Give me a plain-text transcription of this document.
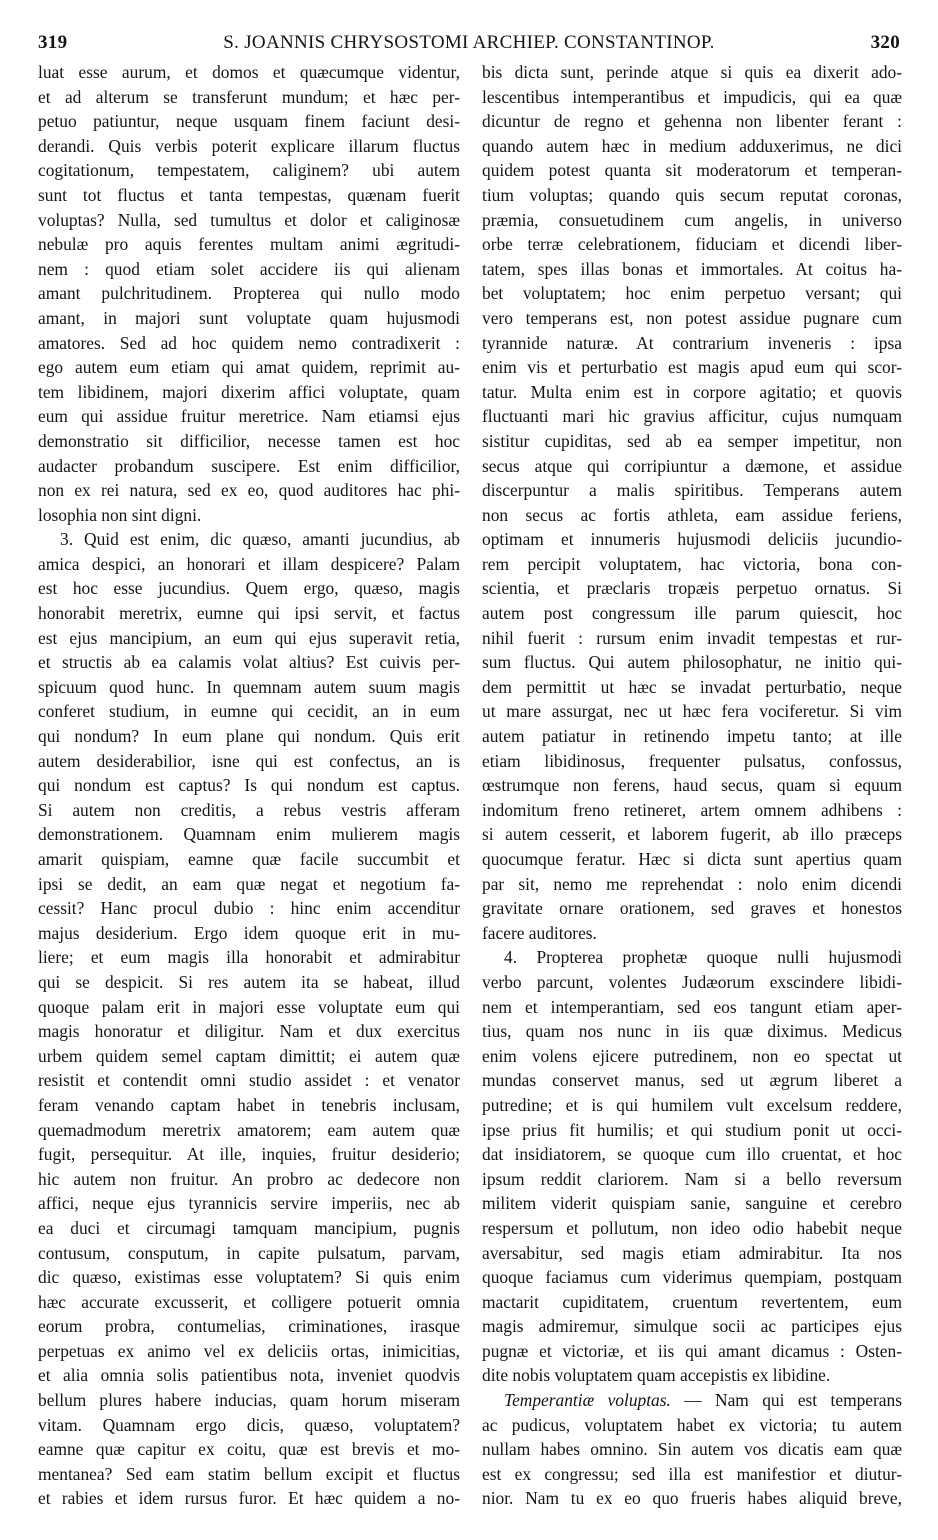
319	S. JOANNIS CHRYSOSTOMI ARCHIEP. CONSTANTINOP.	320
luat esse aurum, et domos et quæcumque videntur,
et ad alterum se transferunt mundum; et hæc per-
petuo patiuntur, neque usquam finem faciunt desi-
derandi. Quis verbis poterit explicare illarum fluctus
cogitationum, tempestatem, caliginem? ubi autem
sunt tot fluctus et tanta tempestas, quænam fuerit
voluptas? Nulla, sed tumultus et dolor et caliginosæ
nebulæ pro aquis ferentes multam animi ægritudi-
nem : quod etiam solet accidere iis qui alienam
amant pulchritudinem. Propterea qui nullo modo
amant, in majori sunt voluptate quam hujusmodi
amatores. Sed ad hoc quidem nemo contradixerit :
ego autem eum etiam qui amat quidem, reprimit au-
tem libidinem, majori dixerim affici voluptate, quam
eum qui assidue fruitur meretrice. Nam etiamsi ejus
demonstratio sit difficilior, necesse tamen est hoc
audacter probandum suscipere. Est enim difficilior,
non ex rei natura, sed ex eo, quod auditores hac phi-
losophia non sint digni.
3. Quid est enim, dic quæso, amanti jucundius, ab
amica despici, an honorari et illam despicere? Palam
est hoc esse jucundius. Quem ergo, quæso, magis
honorabit meretrix, eumne qui ipsi servit, et factus
est ejus mancipium, an eum qui ejus superavit retia,
et structis ab ea calamis volat altius? Est cuivis per-
spicuum quod hunc. In quemnam autem suum magis
conferet studium, in eumne qui cecidit, an in eum
qui nondum? In eum plane qui nondum. Quis erit
autem desiderabilior, isne qui est confectus, an is
qui nondum est captus? Is qui nondum est captus.
Si autem non creditis, a rebus vestris afferam
demonstrationem. Quamnam enim mulierem magis
amarit quispiam, eamne quæ facile succumbit et
ipsi se dedit, an eam quæ negat et negotium fa-
cessit? Hanc procul dubio : hinc enim accenditur
majus desiderium. Ergo idem quoque erit in mu-
liere; et eum magis illa honorabit et admirabitur
qui se despicit. Si res autem ita se habeat, illud
quoque palam erit in majori esse voluptate eum qui
magis honoratur et diligitur. Nam et dux exercitus
urbem quidem semel captam dimittit; ei autem quæ
resistit et contendit omni studio assidet : et venator
feram venando captam habet in tenebris inclusam,
quemadmodum meretrix amatorem; eam autem quæ
fugit, persequitur. At ille, inquies, fruitur desiderio;
hic autem non fruitur. An probro ac dedecore non
affici, neque ejus tyrannicis servire imperiis, nec ab
ea duci et circumagi tamquam mancipium, pugnis
contusum, consputum, in capite pulsatum, parvam,
dic quæso, existimas esse voluptatem? Si quis enim
hæc accurate excusserit, et colligere potuerit omnia
eorum probra, contumelias, criminationes, irasque
perpetuas ex animo vel ex deliciis ortas, inimicitias,
et alia omnia solis patientibus nota, inveniet quodvis
bellum plures habere inducias, quam horum miseram
vitam. Quamnam ergo dicis, quæso, voluptatem?
eamne quæ capitur ex coitu, quæ est brevis et mo-
mentanea? Sed eam statim bellum excipit et fluctus
et rabies et idem rursus furor. Et hæc quidem a no-
bis dicta sunt, perinde atque si quis ea dixerit ado-
lescentibus intemperantibus et impudicis, qui ea quæ
dicuntur de regno et gehenna non libenter ferant :
quando autem hæc in medium adduxerimus, ne dici
quidem potest quanta sit moderatorum et temperan-
tium voluptas; quando quis secum reputat coronas,
præmia, consuetudinem cum angelis, in universo
orbe terræ celebrationem, fiduciam et dicendi liber-
tatem, spes illas bonas et immortales. At coitus ha-
bet voluptatem; hoc enim perpetuo versant; qui
vero temperans est, non potest assidue pugnare cum
tyrannide naturæ. At contrarium inveneris : ipsa
enim vis et perturbatio est magis apud eum qui scor-
tatur. Multa enim est in corpore agitatio; et quovis
fluctuanti mari hic gravius afficitur, cujus numquam
sistitur cupiditas, sed ab ea semper impetitur, non
secus atque qui corripiuntur a dæmone, et assidue
discerpuntur a malis spiritibus. Temperans autem
non secus ac fortis athleta, eam assidue feriens,
optimam et innumeris hujusmodi deliciis jucundio-
rem percipit voluptatem, hac victoria, bona con-
scientia, et præclaris tropæis perpetuo ornatus. Si
autem post congressum ille parum quiescit, hoc
nihil fuerit : rursum enim invadit tempestas et rur-
sum fluctus. Qui autem philosophatur, ne initio qui-
dem permittit ut hæc se invadat perturbatio, neque
ut mare assurgat, nec ut hæc fera vociferetur. Si vim
autem patiatur in retinendo impetu tanto; at ille
etiam libidinosus, frequenter pulsatus, confossus,
œstrumque non ferens, haud secus, quam si equum
indomitum freno retineret, artem omnem adhibens :
si autem cesserit, et laborem fugerit, ab illo præceps
quocumque feratur. Hæc si dicta sunt apertius quam
par sit, nemo me reprehendat : nolo enim dicendi
gravitate ornare orationem, sed graves et honestos
facere auditores.
4. Propterea prophetæ quoque nulli hujusmodi
verbo parcunt, volentes Judæorum exscindere libidi-
nem et intemperantiam, sed eos tangunt etiam aper-
tius, quam nos nunc in iis quæ diximus. Medicus
enim volens ejicere putredinem, non eo spectat ut
mundas conservet manus, sed ut ægrum liberet a
putredine; et is qui humilem vult excelsum reddere,
ipse prius fit humilis; et qui studium ponit ut occi-
dat insidiatorem, se quoque cum illo cruentat, et hoc
ipsum reddit clariorem. Nam si a bello reversum
militem viderit quispiam sanie, sanguine et cerebro
respersum et pollutum, non ideo odio habebit neque
aversabitur, sed magis etiam admirabitur. Ita nos
quoque faciamus cum viderimus quempiam, postquam
mactarit cupiditatem, cruentum revertentem, eum
magis admiremur, simulque socii ac participes ejus
pugnæ et victoriæ, et iis qui amant dicamus : Osten-
dite nobis voluptatem quam accepistis ex libidine.
Temperantiæ voluptas. — Nam qui est temperans
ac pudicus, voluptatem habet ex victoria; tu autem
nullam habes omnino. Sin autem vos dicatis eam quæ
est ex congressu; sed illa est manifestior et diutur-
nior. Nam tu ex eo quo frueris habes aliquid breve,
